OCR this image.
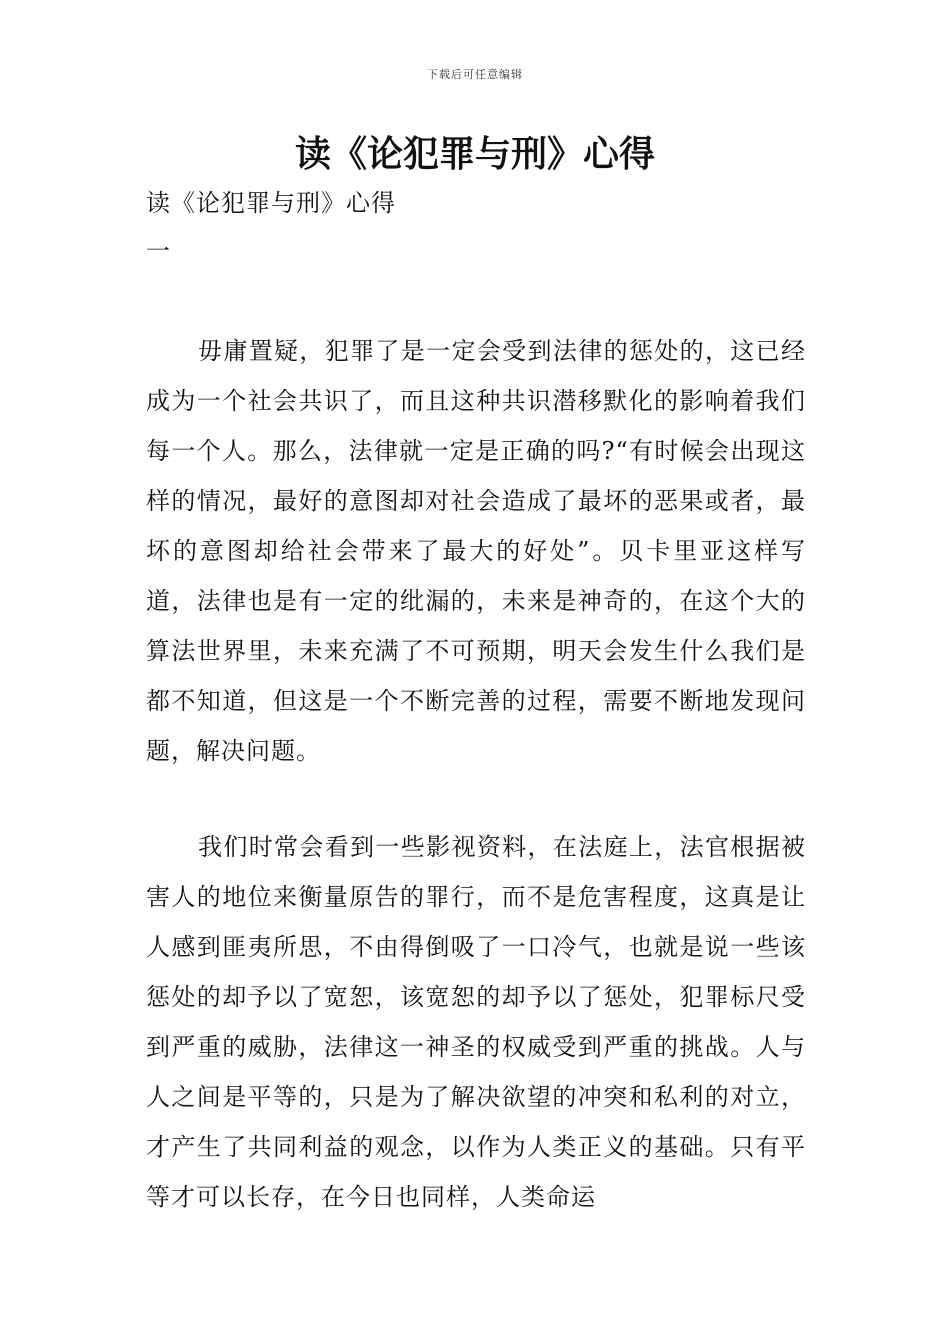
下载后可任意编辑
读《论犯罪与刑》心得
读《论犯罪与刑》心得
一

毋庸置疑，犯罪了是一定会受到法律的惩处的，这已经成为一个社会共识了，而且这种共识潜移默化的影响着我们每一个人。那么，法律就一定是正确的吗?“有时候会出现这样的情况，最好的意图却对社会造成了最坏的恶果或者，最坏的意图却给社会带来了最大的好处”。贝卡里亚这样写道，法律也是有一定的纰漏的，未来是神奇的，在这个大的算法世界里，未来充满了不可预期，明天会发生什么我们是都不知道，但这是一个不断完善的过程，需要不断地发现问题，解决问题。

我们时常会看到一些影视资料，在法庭上，法官根据被害人的地位来衡量原告的罪行，而不是危害程度，这真是让人感到匪夷所思，不由得倒吸了一口冷气，也就是说一些该惩处的却予以了宽恕，该宽恕的却予以了惩处，犯罪标尺受到严重的威胁，法律这一神圣的权威受到严重的挑战。人与人之间是平等的，只是为了解决欲望的冲突和私利的对立，才产生了共同利益的观念，以作为人类正义的基础。只有平等才可以长存，在今日也同样，人类命运
